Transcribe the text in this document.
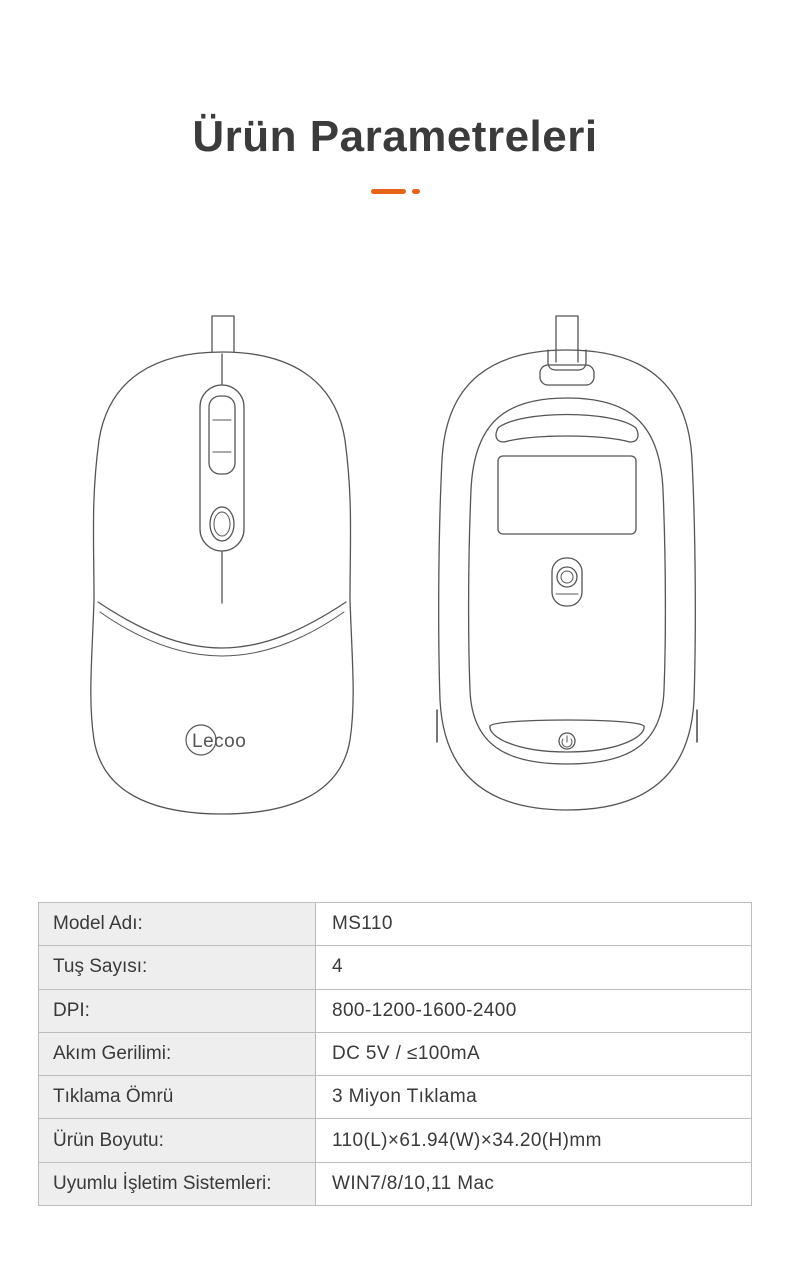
Ürün Parametreleri
Lecoo
Model Adı:	MS110
Tuş Sayısı:	4
DPI:	800-1200-1600-2400
Akım Gerilimi:	DC 5V / ≤100mA
Tıklama Ömrü	3 Miyon Tıklama
Ürün Boyutu:	110(L)×61.94(W)×34.20(H)mm
Uyumlu İşletim Sistemleri:	WIN7/8/10,11 Mac
